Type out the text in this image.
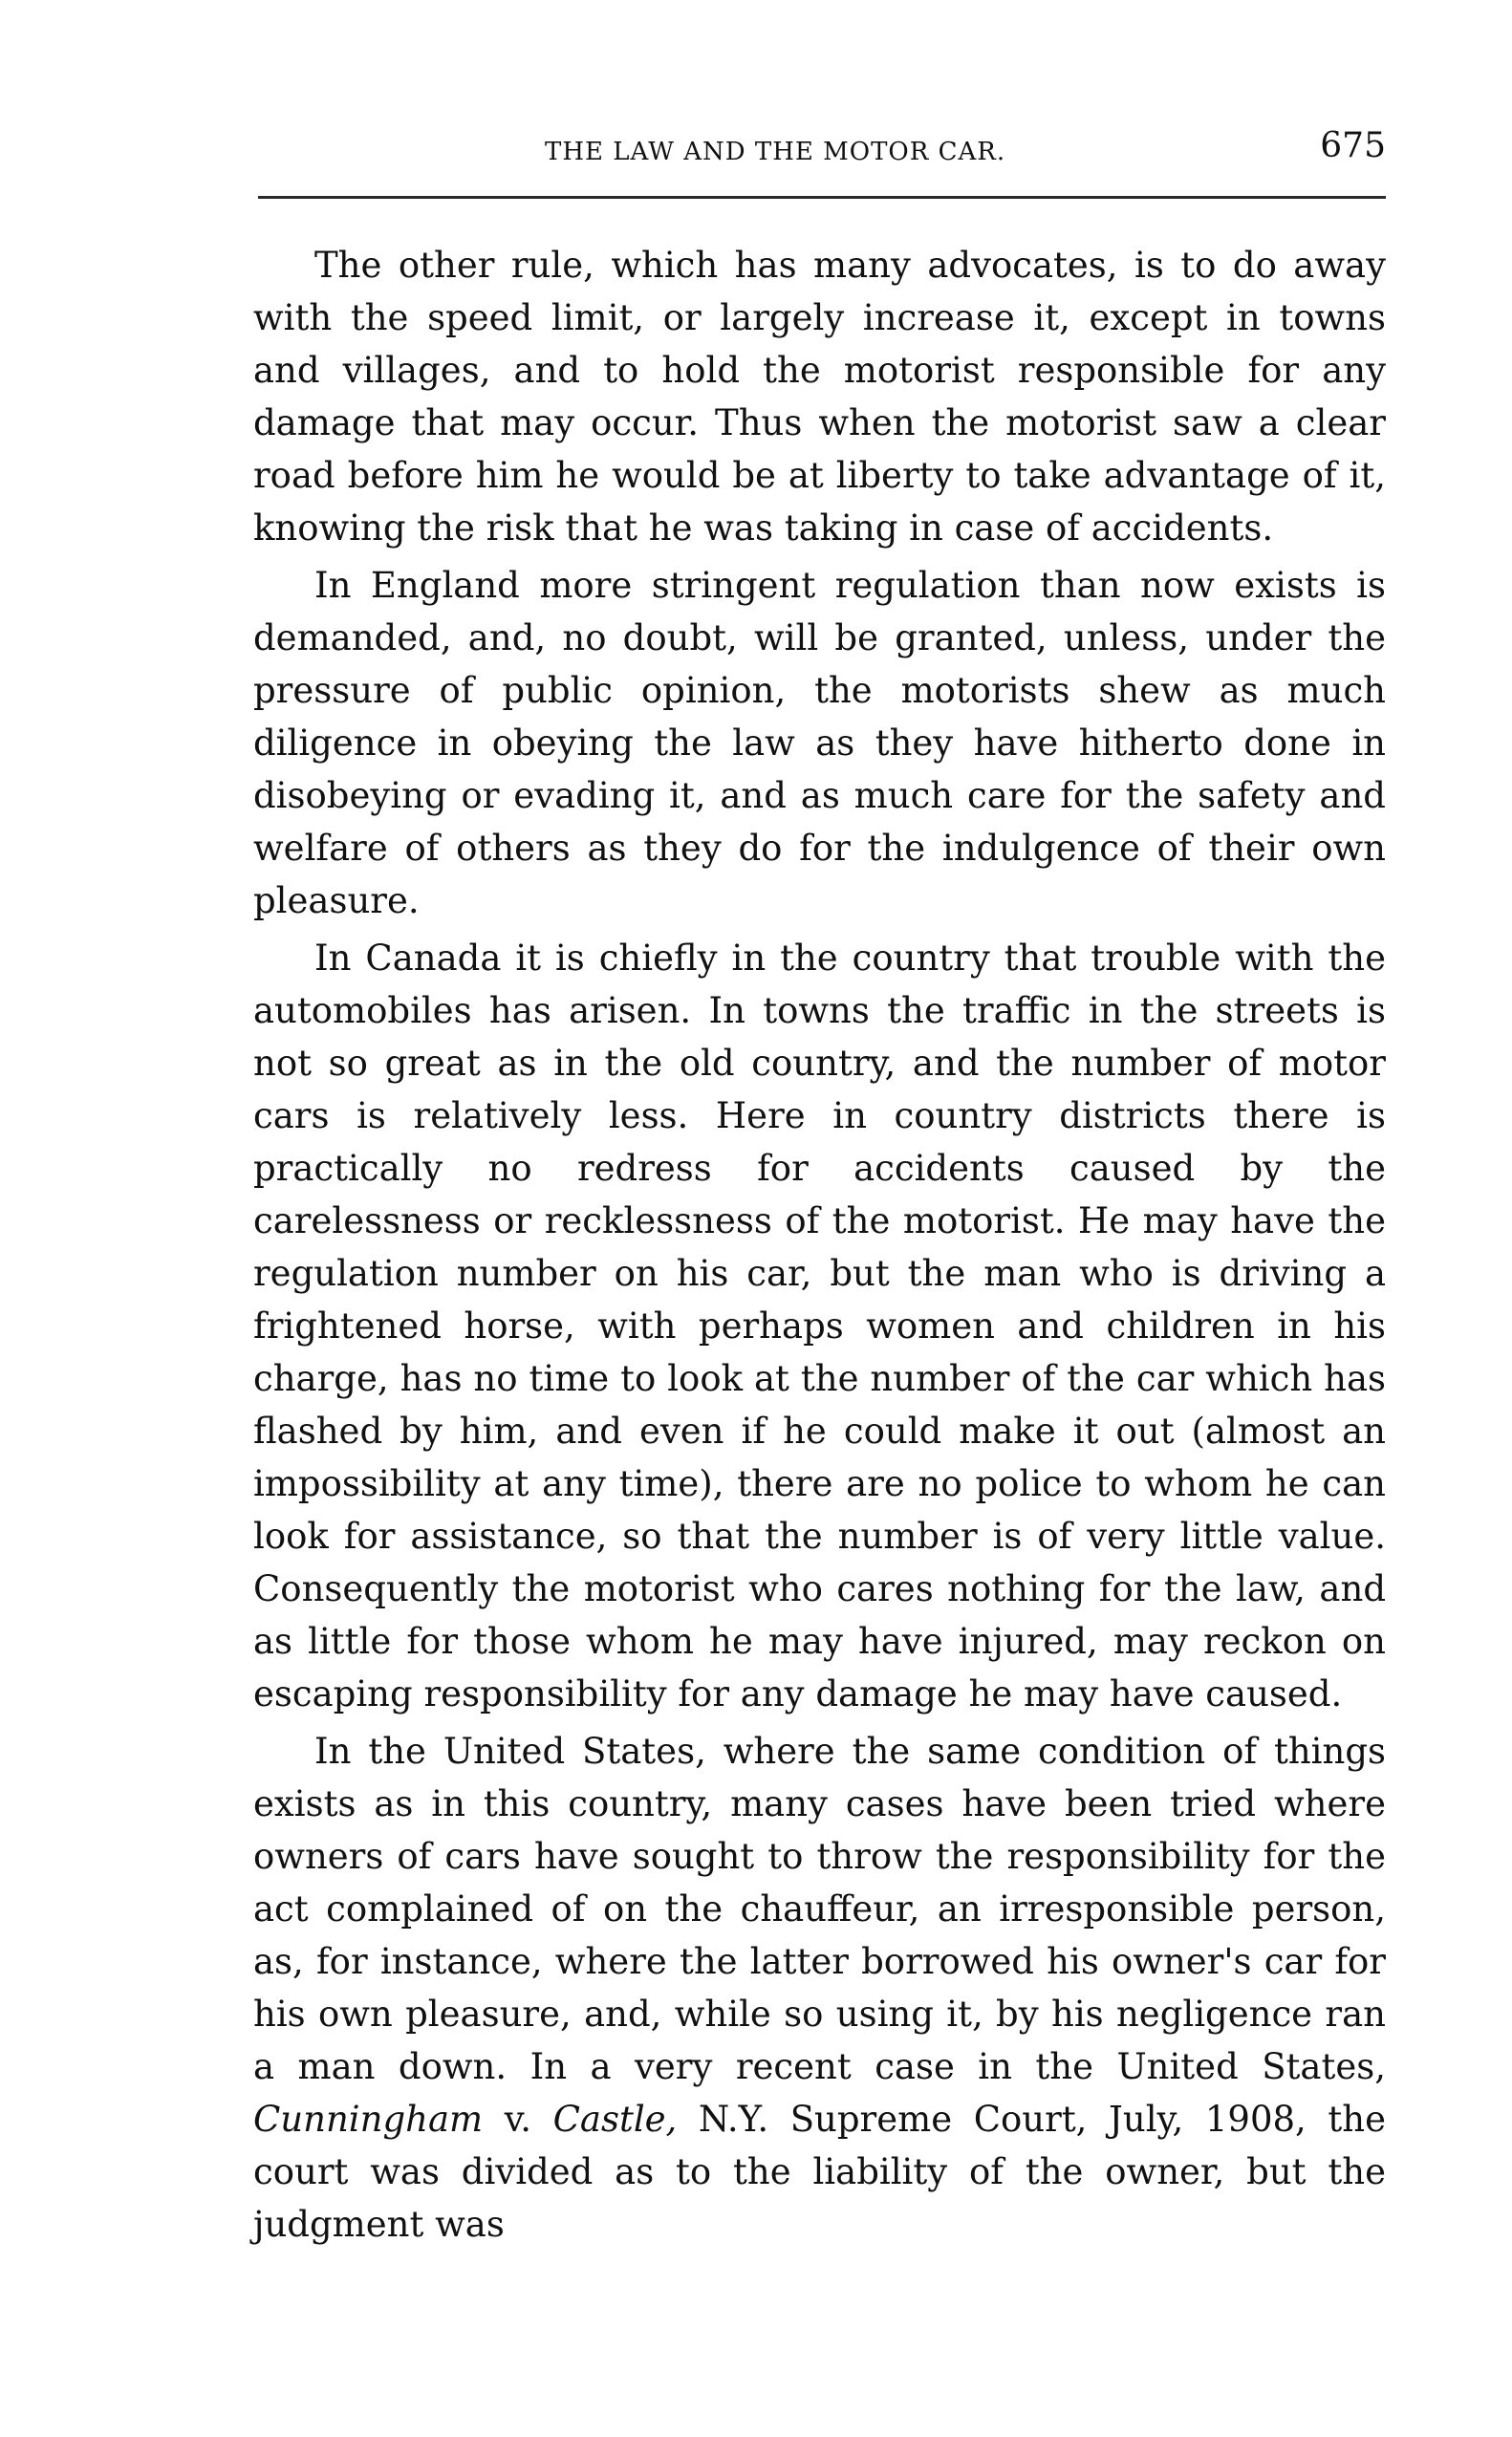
THE LAW AND THE MOTOR CAR.	675

The other rule, which has many advocates, is to do away with the speed limit, or largely increase it, except in towns and villages, and to hold the motorist responsible for any damage that may occur. Thus when the motorist saw a clear road before him he would be at liberty to take advantage of it, knowing the risk that he was taking in case of accidents.

In England more stringent regulation than now exists is demanded, and, no doubt, will be granted, unless, under the pressure of public opinion, the motorists shew as much diligence in obeying the law as they have hitherto done in disobeying or evading it, and as much care for the safety and welfare of others as they do for the indulgence of their own pleasure.

In Canada it is chiefly in the country that trouble with the automobiles has arisen. In towns the traffic in the streets is not so great as in the old country, and the number of motor cars is relatively less. Here in country districts there is practically no redress for accidents caused by the carelessness or recklessness of the motorist. He may have the regulation number on his car, but the man who is driving a frightened horse, with perhaps women and children in his charge, has no time to look at the number of the car which has flashed by him, and even if he could make it out (almost an impossibility at any time), there are no police to whom he can look for assistance, so that the number is of very little value. Consequently the motorist who cares nothing for the law, and as little for those whom he may have injured, may reckon on escaping responsibility for any damage he may have caused.

In the United States, where the same condition of things exists as in this country, many cases have been tried where owners of cars have sought to throw the responsibility for the act complained of on the chauffeur, an irresponsible person, as, for instance, where the latter borrowed his owner's car for his own pleasure, and, while so using it, by his negligence ran a man down. In a very recent case in the United States, Cunningham v. Castle, N.Y. Supreme Court, July, 1908, the court was divided as to the liability of the owner, but the judgment was
